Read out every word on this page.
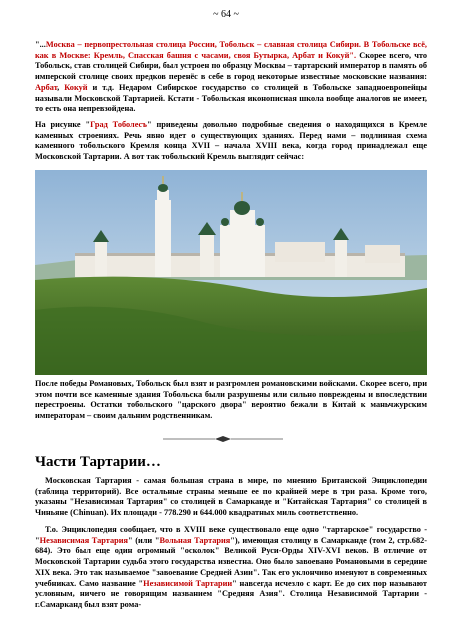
~ 64 ~
"...Москва – первопрестольная столица России, Тобольск – славная столица Сибири. В Тобольске всё, как в Москве: Кремль, Спасская башня с часами, своя Бутырка, Арбат и Кокуй". Скорее всего, что Тобольск, став столицей Сибири, был устроен по образцу Москвы – тартарский император в память об имперской столице своих предков перенёс в себе в город некоторые известные московские названия: Арбат, Кокуй и т.д. Недаром Сибирское государство со столицей в Тобольске западноевропейцы называли Московской Тартарией. Кстати - Тобольская иконописная школа вообще аналогов не имеет, то есть она непревзойдена.
На рисунке "Град Тоболесъ" приведены довольно подробные сведения о находящихся в Кремле каменных строениях. Речь явно идет о существующих зданиях. Перед нами – подлинная схема каменного тобольского Кремля конца XVII – начала XVIII века, когда город принадлежал еще Московской Тартарии. А вот так тобольский Кремль выглядит сейчас:
После победы Романовых, Тобольск был взят и разгромлен романовскими войсками. Скорее всего, при этом почти все каменные здания Тобольска были разрушены или сильно повреждены и впоследствии перестроены. Остатки тобольского "царского двора" вероятно бежали в Китай к маньчжурским императорам – своим дальним родственникам.
Части Тартарии…
Московская Тартария - самая большая страна в мире, по мнению Британской Энциклопедии (таблица территорий). Все остальные страны меньше ее по крайней мере в три раза. Кроме того, указаны "Независимая Тартария" со столицей в Самарканде и "Китайская Тартария" со столицей в Чиньяне (Chinuan). Их площади - 778.290 и 644.000 квадратных миль соответственно.
Т.о. Энциклопедия сообщает, что в XVIII веке существовало еще одно "тартарское" государство - "Независимая Тартария" (или "Вольная Тартария"), имеющая столицу в Самарканде (том 2, стр.682-684). Это был еще один огромный "осколок" Великой Руси-Орды XIV-XVI веков. В отличие от Московской Тартарии судьба этого государства известна. Оно было завоевано Романовыми в середине XIX века. Это так называемое "завоевание Средней Азии". Так его уклончиво именуют в современных учебниках. Само название "Независимой Тартарии" навсегда исчезло с карт. Ее до сих пор называют условным, ничего не говорящим названием "Средняя Азия". Столица Независимой Тартарии - г.Самарканд был взят рома-
